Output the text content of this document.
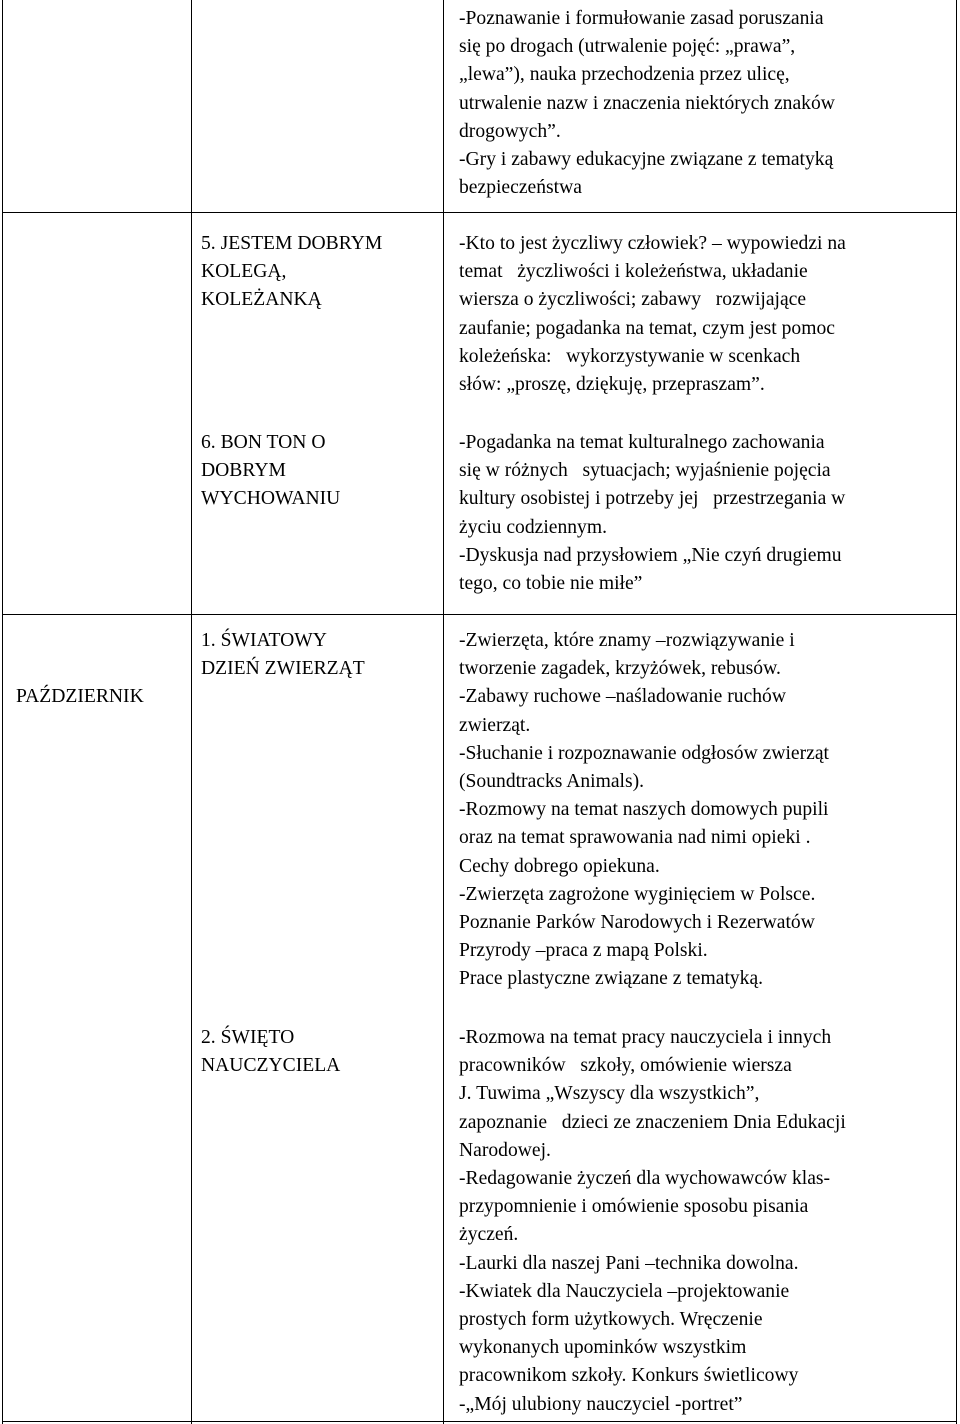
-Poznawanie i formułowanie zasad poruszania
się po drogach (utrwalenie pojęć: „prawa”,
„lewa”), nauka przechodzenia przez ulicę,
utrwalenie nazw i znaczenia niektórych znaków
drogowych”.
-Gry i zabawy edukacyjne związane z tematyką
bezpieczeństwa
5. JESTEM DOBRYM
KOLEGĄ,
KOLEŻANKĄ
-Kto to jest życzliwy człowiek? – wypowiedzi na
temat   życzliwości i koleżeństwa, układanie
wiersza o życzliwości; zabawy   rozwijające
zaufanie; pogadanka na temat, czym jest pomoc
koleżeńska:   wykorzystywanie w scenkach
słów: „proszę, dziękuję, przepraszam”.
6. BON TON O
DOBRYM
WYCHOWANIU
-Pogadanka na temat kulturalnego zachowania
się w różnych   sytuacjach; wyjaśnienie pojęcia
kultury osobistej i potrzeby jej   przestrzegania w
życiu codziennym.
-Dyskusja nad przysłowiem „Nie czyń drugiemu
tego, co tobie nie miłe”

PAŹDZIERNIK

1. ŚWIATOWY
DZIEŃ ZWIERZĄT
-Zwierzęta, które znamy –rozwiązywanie i
tworzenie zagadek, krzyżówek, rebusów.
-Zabawy ruchowe –naśladowanie ruchów
zwierząt.
-Słuchanie i rozpoznawanie odgłosów zwierząt
(Soundtracks Animals).
-Rozmowy na temat naszych domowych pupili
oraz na temat sprawowania nad nimi opieki .
Cechy dobrego opiekuna.
-Zwierzęta zagrożone wyginięciem w Polsce.
Poznanie Parków Narodowych i Rezerwatów
Przyrody –praca z mapą Polski.
Prace plastyczne związane z tematyką.
2. ŚWIĘTO
NAUCZYCIELA
-Rozmowa na temat pracy nauczyciela i innych
pracowników   szkoły, omówienie wiersza
J. Tuwima „Wszyscy dla wszystkich”,
zapoznanie   dzieci ze znaczeniem Dnia Edukacji
Narodowej.
-Redagowanie życzeń dla wychowawców klas-
przypomnienie i omówienie sposobu pisania
życzeń.
-Laurki dla naszej Pani –technika dowolna.
-Kwiatek dla Nauczyciela –projektowanie
prostych form użytkowych. Wręczenie
wykonanych upominków wszystkim
pracownikom szkoły. Konkurs świetlicowy
-„Mój ulubiony nauczyciel -portret”
